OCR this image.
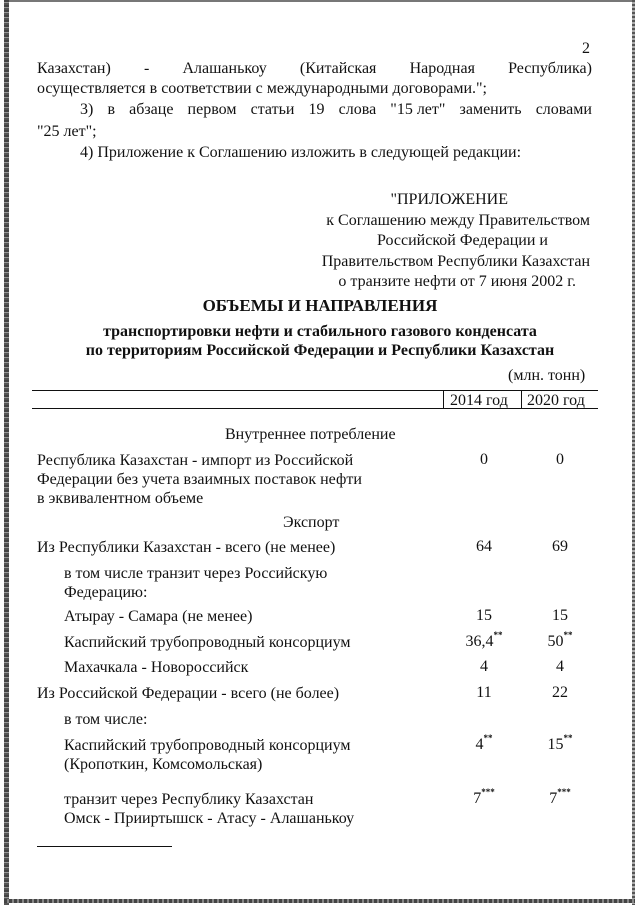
2
Казахстан) - Алашанькоу (Китайская Народная Республика)
осуществляется в соответствии с международными договорами.";
3) в абзаце первом статьи 19 слова "15 лет" заменить словами
"25 лет";
4) Приложение к Соглашению изложить в следующей редакции:
"ПРИЛОЖЕНИЕ
к Соглашению между Правительством
Российской Федерации и
Правительством Республики Казахстан
о транзите нефти от 7 июня 2002 г.
ОБЪЕМЫ И НАПРАВЛЕНИЯ
транспортировки нефти и стабильного газового конденсата
по территориям Российской Федерации и Республики Казахстан
(млн. тонн)
2014 год 2020 год
Внутреннее потребление
Республика Казахстан - импорт из Российской
Федерации без учета взаимных поставок нефти
в эквивалентном объеме
0	0
Экспорт
Из Республики Казахстан - всего (не менее)	64	69
в том числе транзит через Российскую
Федерацию:
Атырау - Самара (не менее)	15	15
Каспийский трубопроводный консорциум	36,4**	50**
Махачкала - Новороссийск	4	4
Из Российской Федерации - всего (не более)	11	22
в том числе:
Каспийский трубопроводный консорциум
(Кропоткин, Комсомольская)
4**	15**
транзит через Республику Казахстан
Омск - Прииртышск - Атасу - Алашанькоу
7***	7***
